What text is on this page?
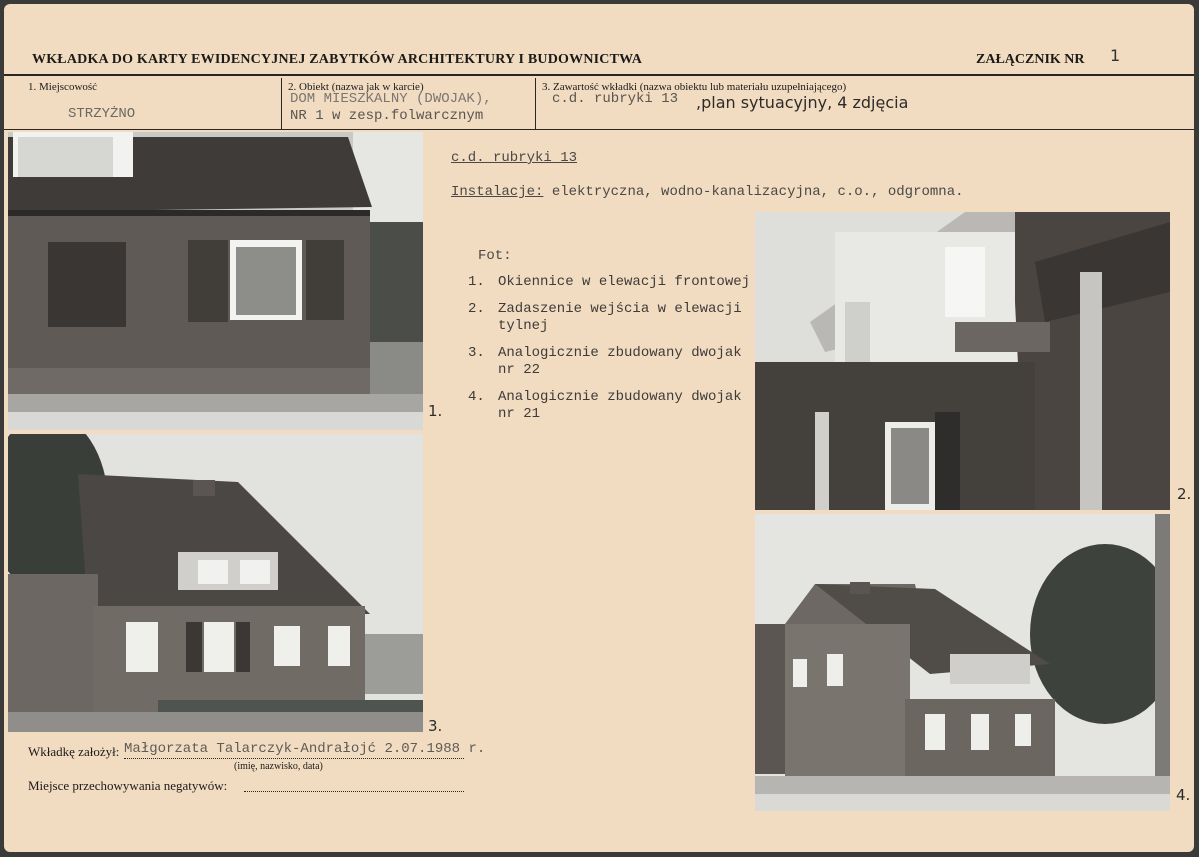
WKŁADKA DO KARTY EWIDENCYJNEJ ZABYTKÓW ARCHITEKTURY I BUDOWNICTWA	ZAŁĄCZNIK NR 1
1. Miejscowość
STRZYŻNO
2. Obiekt (nazwa jak w karcie)
DOM MIESZKALNY (DWOJAK),
NR 1 w zesp.folwarcznym
3. Zawartość wkładki (nazwa obiektu lub materiału uzupełniającego)
c.d. rubryki 13 ,plan sytuacyjny, 4 zdjęcia
1.
3.
2.
4.
c.d. rubryki 13
Instalacje: elektryczna, wodno-kanalizacyjna, c.o., odgromna.
Fot:
1. Okiennice w elewacji frontowej
2. Zadaszenie wejścia w elewacji tylnej
3. Analogicznie zbudowany dwojak nr 22
4. Analogicznie zbudowany dwojak nr 21
Wkładkę założył: Małgorzata Talarczyk-Andrałojć 2.07.1988 r.
(imię, nazwisko, data)
Miejsce przechowywania negatywów:
